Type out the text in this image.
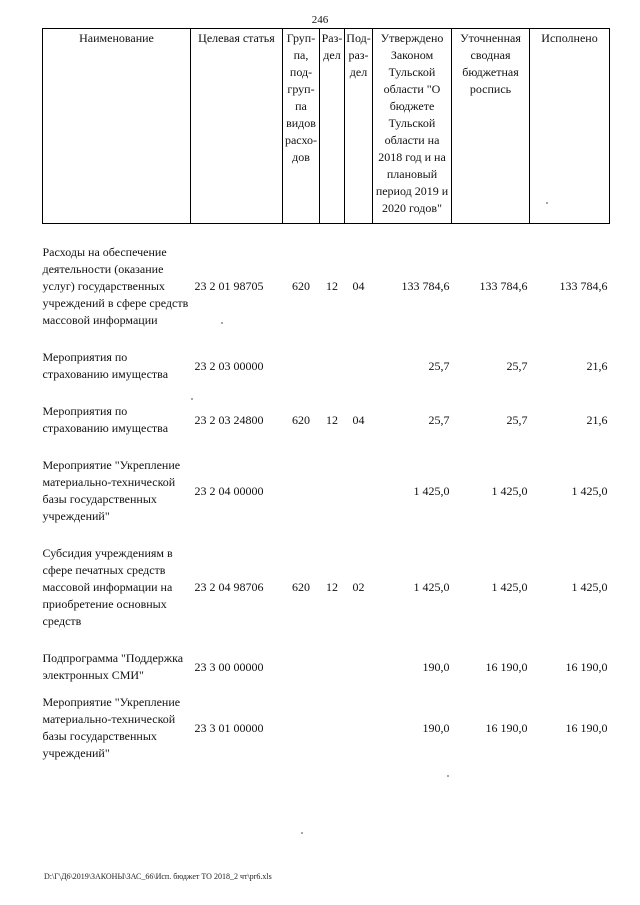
246
Наименование	Целевая статья	Груп-па, под-груп-па видов расхо-дов	Раз-дел	Под-раз-дел	Утверждено Законом Тульской области "О бюджете Тульской области на 2018 год и на плановый период 2019 и 2020 годов"	Уточненная сводная бюджетная роспись	Исполнено

Расходы на обеспечение деятельности (оказание услуг) государственных учреждений в сфере средств массовой информации	23 2 01 98705	620	12	04	133 784,6	133 784,6	133 784,6

Мероприятия по страхованию имущества	23 2 03 00000				25,7	25,7	21,6

Мероприятия по страхованию имущества	23 2 03 24800	620	12	04	25,7	25,7	21,6

Мероприятие "Укрепление материально-технической базы государственных учреждений"	23 2 04 00000				1 425,0	1 425,0	1 425,0

Субсидия учреждениям в сфере печатных средств массовой информации на приобретение основных средств	23 2 04 98706	620	12	02	1 425,0	1 425,0	1 425,0

Подпрограмма "Поддержка электронных СМИ"	23 3 00 00000				190,0	16 190,0	16 190,0

Мероприятие "Укрепление материально-технической базы государственных учреждений"	23 3 01 00000				190,0	16 190,0	16 190,0
D:\Г\Д6\2019\ЗАКОНЫ\ЗАС_66\Исп. бюджет ТО 2018_2 чт\pr6.xls
